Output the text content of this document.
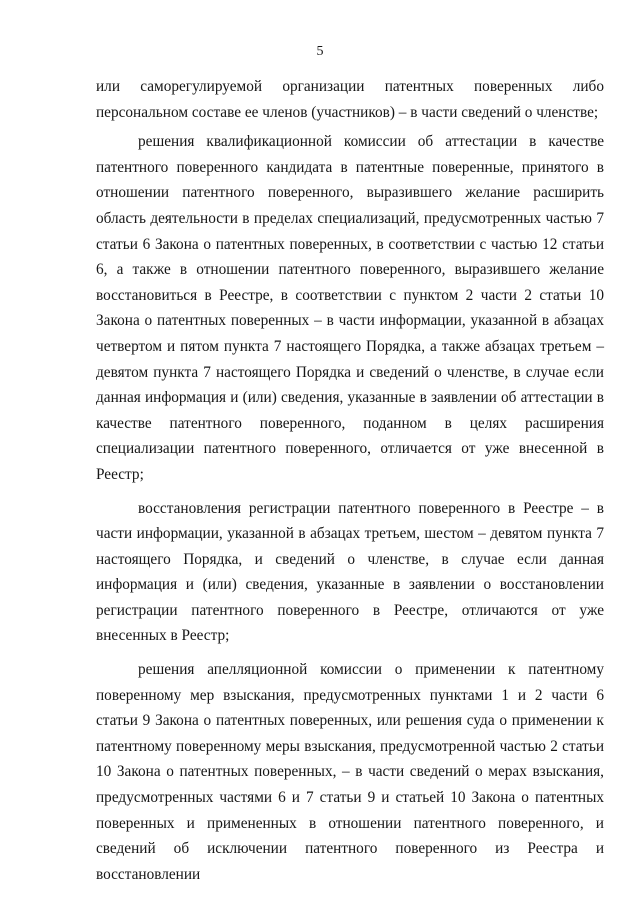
5

или саморегулируемой организации патентных поверенных либо персональном составе ее членов (участников) – в части сведений о членстве;

решения квалификационной комиссии об аттестации в качестве патентного поверенного кандидата в патентные поверенные, принятого в отношении патентного поверенного, выразившего желание расширить область деятельности в пределах специализаций, предусмотренных частью 7 статьи 6 Закона о патентных поверенных, в соответствии с частью 12 статьи 6, а также в отношении патентного поверенного, выразившего желание восстановиться в Реестре, в соответствии с пунктом 2 части 2 статьи 10 Закона о патентных поверенных – в части информации, указанной в абзацах четвертом и пятом пункта 7 настоящего Порядка, а также абзацах третьем – девятом пункта 7 настоящего Порядка и сведений о членстве, в случае если данная информация и (или) сведения, указанные в заявлении об аттестации в качестве патентного поверенного, поданном в целях расширения специализации патентного поверенного, отличается от уже внесенной в Реестр;

восстановления регистрации патентного поверенного в Реестре – в части информации, указанной в абзацах третьем, шестом – девятом пункта 7 настоящего Порядка, и сведений о членстве, в случае если данная информация и (или) сведения, указанные в заявлении о восстановлении регистрации патентного поверенного в Реестре, отличаются от уже внесенных в Реестр;

решения апелляционной комиссии о применении к патентному поверенному мер взыскания, предусмотренных пунктами 1 и 2 части 6 статьи 9 Закона о патентных поверенных, или решения суда о применении к патентному поверенному меры взыскания, предусмотренной частью 2 статьи 10 Закона о патентных поверенных, – в части сведений о мерах взыскания, предусмотренных частями 6 и 7 статьи 9 и статьей 10 Закона о патентных поверенных и примененных в отношении патентного поверенного, и сведений об исключении патентного поверенного из Реестра и восстановлении
